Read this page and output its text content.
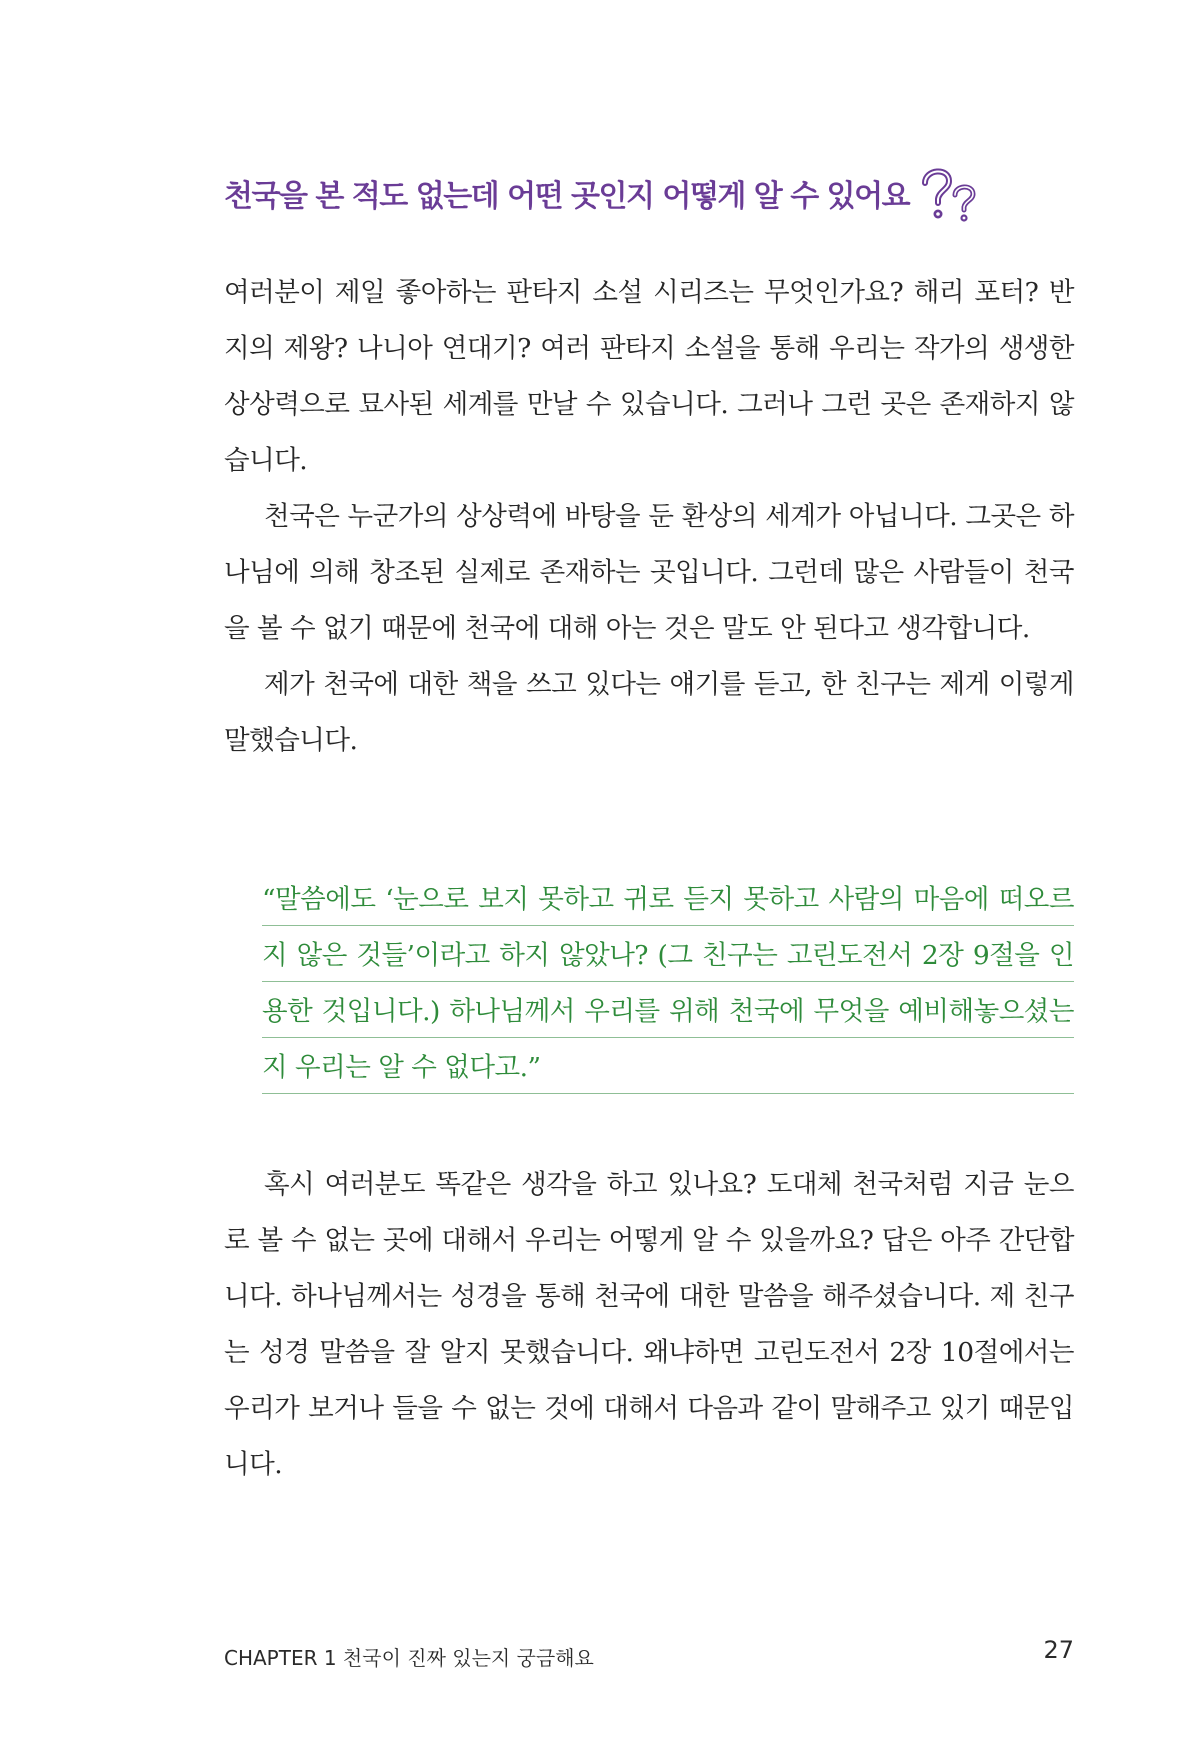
천국을 본 적도 없는데 어떤 곳인지 어떻게 알 수 있어요

여러분이 제일 좋아하는 판타지 소설 시리즈는 무엇인가요? 해리 포터? 반지의 제왕? 나니아 연대기? 여러 판타지 소설을 통해 우리는 작가의 생생한 상상력으로 묘사된 세계를 만날 수 있습니다. 그러나 그런 곳은 존재하지 않습니다.

천국은 누군가의 상상력에 바탕을 둔 환상의 세계가 아닙니다. 그곳은 하나님에 의해 창조된 실제로 존재하는 곳입니다. 그런데 많은 사람들이 천국을 볼 수 없기 때문에 천국에 대해 아는 것은 말도 안 된다고 생각합니다.

제가 천국에 대한 책을 쓰고 있다는 얘기를 듣고, 한 친구는 제게 이렇게 말했습니다.

“말씀에도 ‘눈으로 보지 못하고 귀로 듣지 못하고 사람의 마음에 떠오르지 않은 것들’이라고 하지 않았나? (그 친구는 고린도전서 2장 9절을 인용한 것입니다.) 하나님께서 우리를 위해 천국에 무엇을 예비해놓으셨는지 우리는 알 수 없다고.”

혹시 여러분도 똑같은 생각을 하고 있나요? 도대체 천국처럼 지금 눈으로 볼 수 없는 곳에 대해서 우리는 어떻게 알 수 있을까요? 답은 아주 간단합니다. 하나님께서는 성경을 통해 천국에 대한 말씀을 해주셨습니다. 제 친구는 성경 말씀을 잘 알지 못했습니다. 왜냐하면 고린도전서 2장 10절에서는 우리가 보거나 들을 수 없는 것에 대해서 다음과 같이 말해주고 있기 때문입니다.

CHAPTER 1 천국이 진짜 있는지 궁금해요	27
